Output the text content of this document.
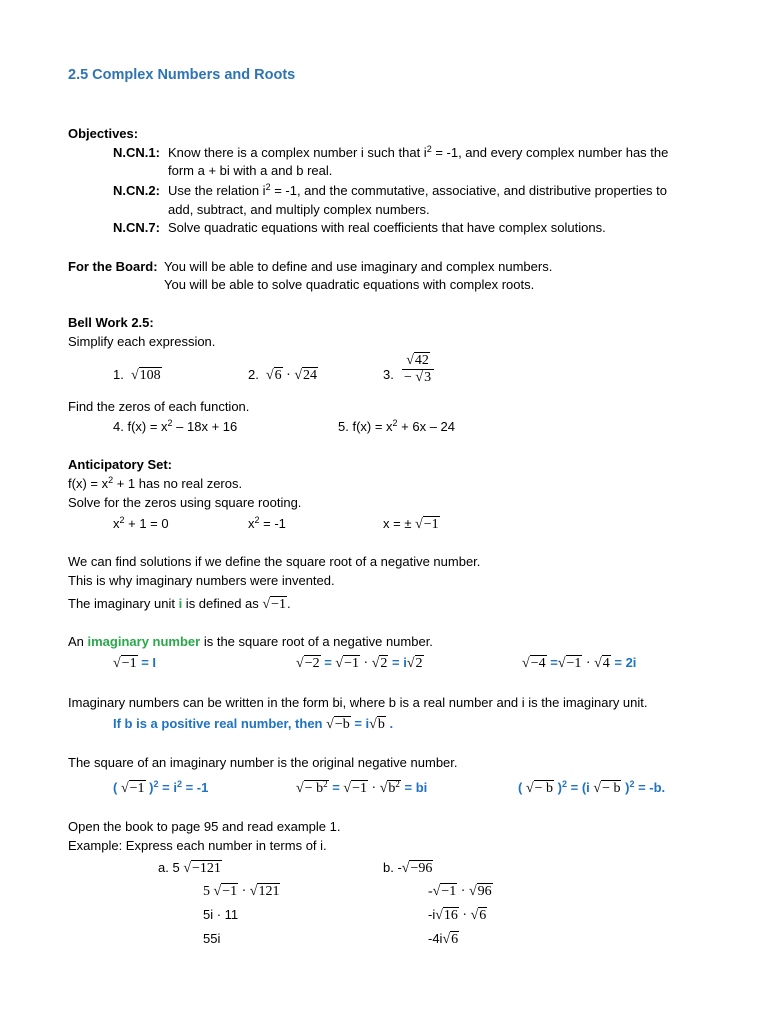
2.5 Complex Numbers and Roots
Objectives:
N.CN.1: Know there is a complex number i such that $i^2 = -1$, and every complex number has the
form a + bi with a and b real.
N.CN.2: Use the relation $i^2 = -1$, and the commutative, associative, and distributive properties to
add, subtract, and multiply complex numbers.
N.CN.7: Solve quadratic equations with real coefficients that have complex solutions.
For the Board: You will be able to define and use imaginary and complex numbers.
You will be able to solve quadratic equations with complex roots.
Bell Work 2.5:
Simplify each expression.
1.  √108	2.  √6 · √24	3. $\frac{√42}{- √3}$
Find the zeros of each function.
4. $f(x) = x^2 - 18x + 16$	5. $f(x) = x^2 + 6x - 24$
Anticipatory Set:
$f(x) = x^2 + 1$ has no real zeros.
Solve for the zeros using square rooting.
$x^2 + 1 = 0$	$x^2 = -1$	x = ± √−1
We can find solutions if we define the square root of a negative number.
This is why imaginary numbers were invented.
The imaginary unit i is defined as √−1.
An imaginary number is the square root of a negative number.
√−1 = I	√−2 = √−1 · √2 = i√2	√−4 =√−1 · √4 = 2i
Imaginary numbers can be written in the form bi, where b is a real number and i is the imaginary unit.
If b is a positive real number, then √−b = i√b .
The square of an imaginary number is the original negative number.
( √−1 )$^2 = i^2 = -1$	√− $b^2 = √-1 \cdot √b^2$ = bi	( √− b )$^2$ = (i √− b )$^2$ = -b.
Open the book to page 95 and read example 1.
Example: Express each number in terms of i.
a. 5 √−121
5 √−1 · √121
5i · 11
55i
b. -√−96
-√−1 · √96
-i√16 · √6
-4i√6
